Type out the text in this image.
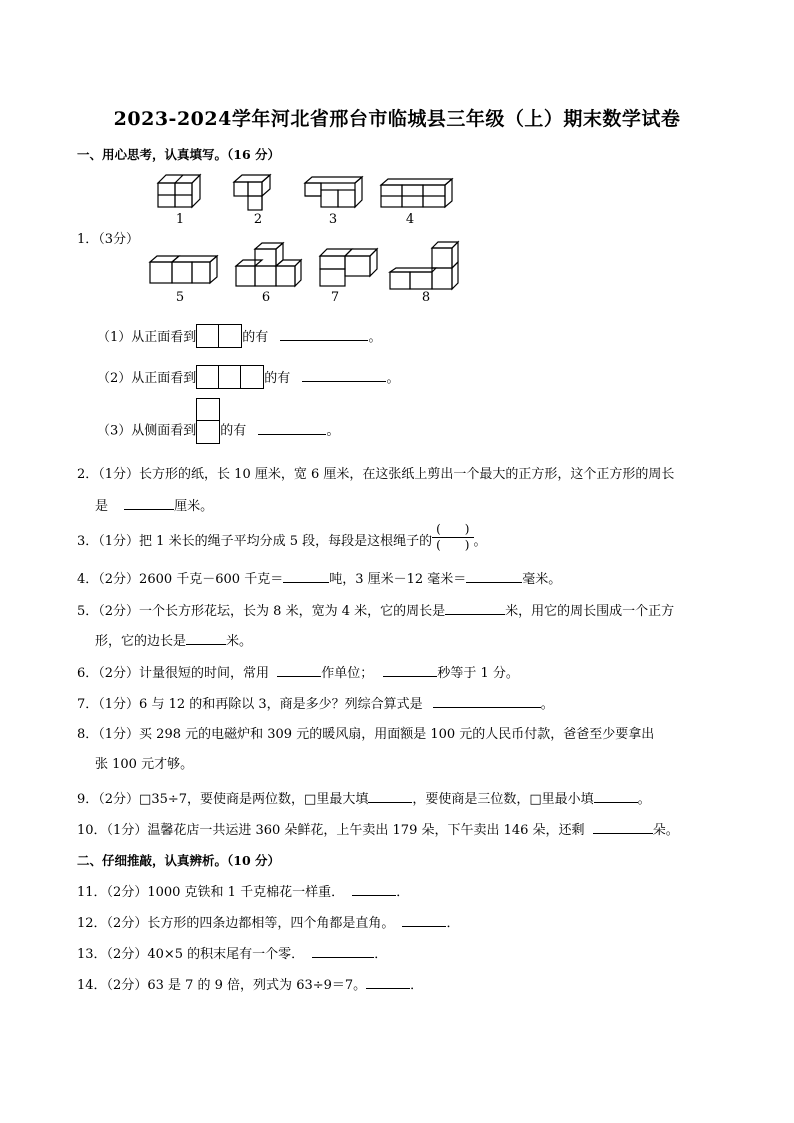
2023-2024学年河北省邢台市临城县三年级（上）期末数学试卷
一、用心思考，认真填写。（16 分）
1．（3分）
1	2	3	4
5	6	7	8
（1）从正面看到	的有	。
（2）从正面看到	的有	。
（3）从侧面看到 的有	。
2．（1分）长方形的纸，长 10 厘米，宽 6 厘米，在这张纸上剪出一个最大的正方形，这个正方形的周长
是	厘米。
3．（1分）把 1 米长的绳子平均分成 5 段，每段是这根绳子的 $\frac{( )}{( )}$ 。
4．（2分）2600 千克－600 千克＝	吨，3 厘米－12 毫米＝	毫米。
5．（2分）一个长方形花坛，长为 8 米，宽为 4 米，它的周长是	米，用它的周长围成一个正方
形，它的边长是	米。
6．（2分）计量很短的时间，常用	作单位；	秒等于 1 分。
7．（1分）6 与 12 的和再除以 3，商是多少？列综合算式是	。
8．（1分）买 298 元的电磁炉和 309 元的暖风扇，用面额是 100 元的人民币付款，爸爸至少要拿出
张 100 元才够。
9．（2分）□35÷7，要使商是两位数，□里最大填	，要使商是三位数，□里最小填	。
10．（1分）温馨花店一共运进 360 朵鲜花，上午卖出 179 朵，下午卖出 146 朵，还剩	朵。
二、仔细推敲，认真辨析。（10 分）
11．（2分）1000 克铁和 1 千克棉花一样重．	．
12．（2分）长方形的四条边都相等，四个角都是直角。	．
13．（2分）40×5 的积末尾有一个零．	．
14．（2分）63 是 7 的 9 倍，列式为 63÷9＝7。	．
